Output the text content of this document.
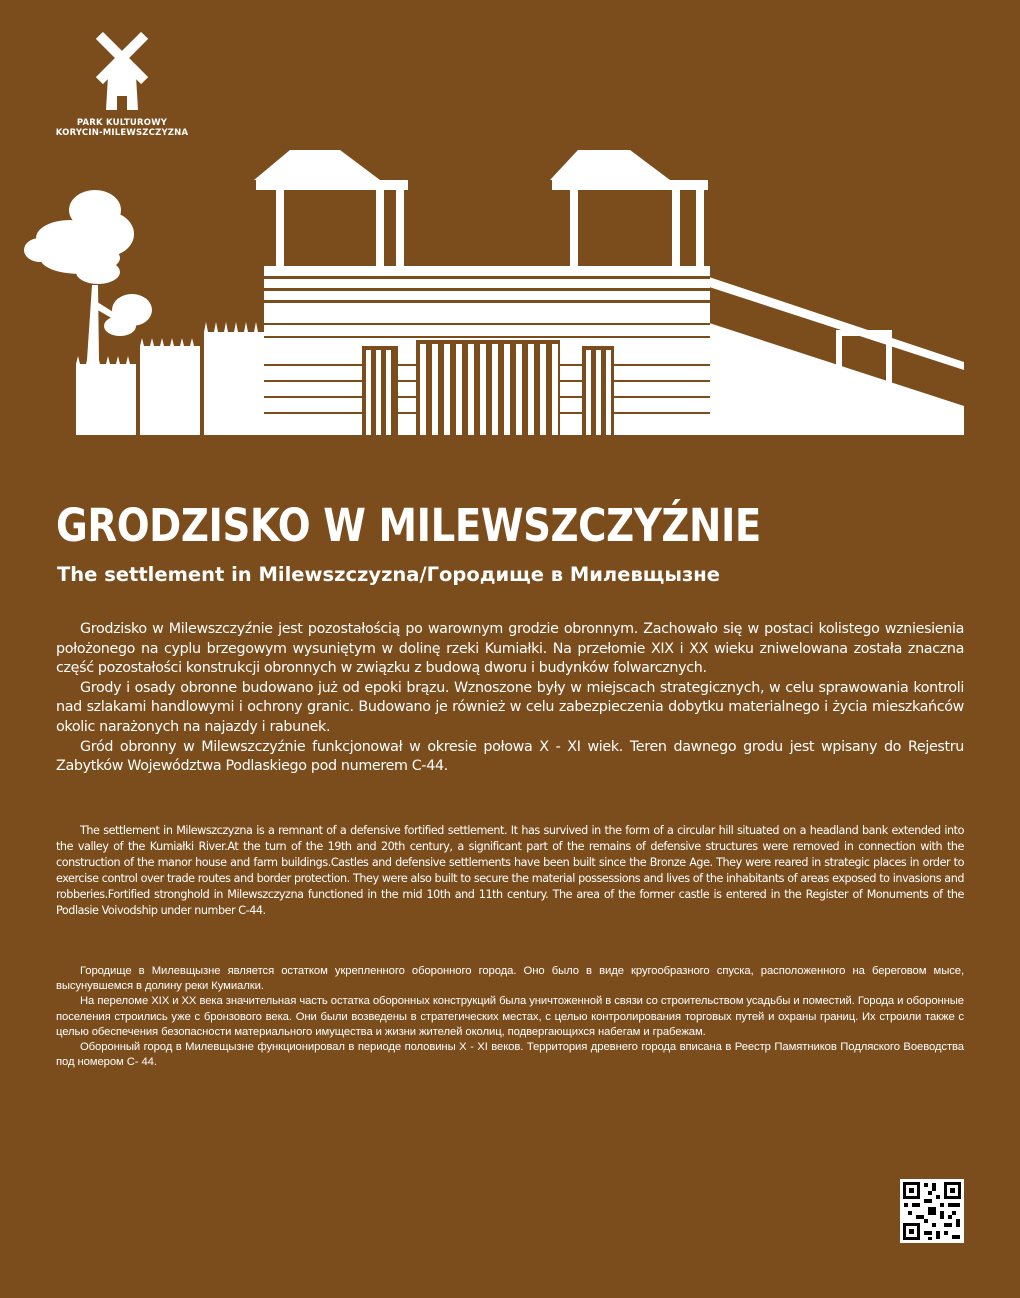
PARK KULTUROWY
KORYCIN-MILEWSZCZYZNA
GRODZISKO W MILEWSZCZYŹNIE
The settlement in Milewszczyzna/Городище в Милевщызне

Grodzisko w Milewszczyźnie jest pozostałością po warownym grodzie obronnym. Zachowało się w postaci kolistego wzniesienia położonego na cyplu brzegowym wysuniętym w dolinę rzeki Kumiałki. Na przełomie XIX i XX wieku zniwelowana została znaczna część pozostałości konstrukcji obronnych w związku z budową dworu i budynków folwarcznych.

Grody i osady obronne budowano już od epoki brązu. Wznoszone były w miejscach strategicznych, w celu sprawowania kontroli nad szlakami handlowymi i ochrony granic. Budowano je również w celu zabezpieczenia dobytku materialnego i życia mieszkańców okolic narażonych na najazdy i rabunek.

Gród obronny w Milewszczyźnie funkcjonował w okresie połowa X - XI wiek. Teren dawnego grodu jest wpisany do Rejestru Zabytków Województwa Podlaskiego pod numerem C-44.

The settlement in Milewszczyzna is a remnant of a defensive fortified settlement. It has survived in the form of a circular hill situated on a headland bank extended into the valley of the Kumiałki River.At the turn of the 19th and 20th century, a significant part of the remains of defensive structures were removed in connection with the construction of the manor house and farm buildings.Castles and defensive settlements have been built since the Bronze Age. They were reared in strategic places in order to exercise control over trade routes and border protection. They were also built to secure the material possessions and lives of the inhabitants of areas exposed to invasions and robberies.Fortified stronghold in Milewszczyzna functioned in the mid 10th and 11th century. The area of the former castle is entered in the Register of Monuments of the Podlasie Voivodship under number C-44.

Городище в Милевщызне является остатком укрепленного оборонного города. Оно было в виде кругообразного спуска, расположенного на береговом мысе, высунувшемся в долину реки Кумиалки.

На переломе XIX и XX века значительная часть остатка оборонных конструкций была уничтоженной в связи со строительством усадьбы и поместий. Города и оборонные поселения строились уже с бронзового века. Они были возведены в стратегических местах, с целью контролирования торговых путей и охраны границ. Их строили также с целью обеспечения безопасности материального имущества и жизни жителей околиц, подвергающихся набегам и грабежам.

Оборонный город в Милевщызне функционировал в периоде половины X - XI веков. Территория древнего города вписана в Реестр Памятников Подляского Воеводства под номером С- 44.
